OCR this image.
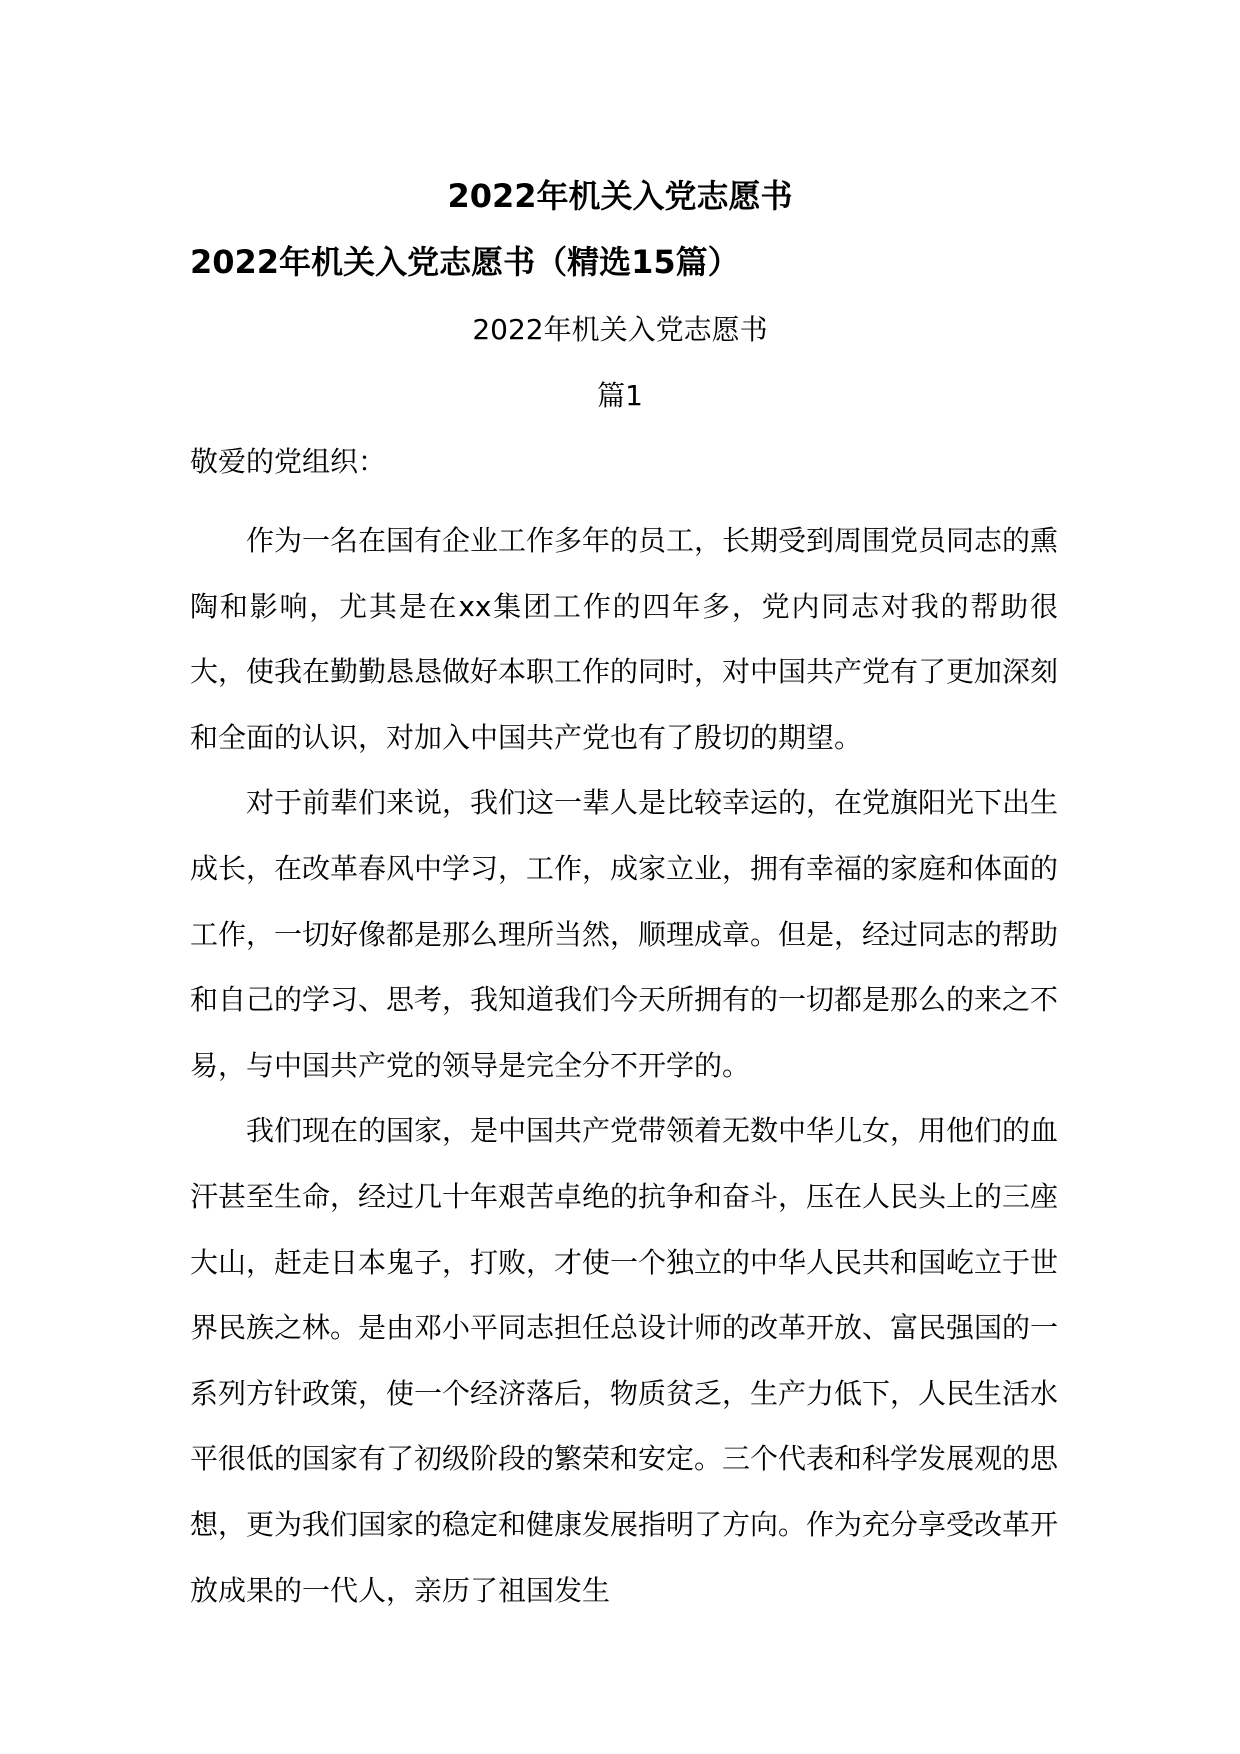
2022年机关入党志愿书
2022年机关入党志愿书（精选15篇）
2022年机关入党志愿书
篇1
敬爱的党组织：

作为一名在国有企业工作多年的员工，长期受到周围党员同志的熏陶和影响，尤其是在xx集团工作的四年多，党内同志对我的帮助很大，使我在勤勤恳恳做好本职工作的同时，对中国共产党有了更加深刻和全面的认识，对加入中国共产党也有了殷切的期望。

对于前辈们来说，我们这一辈人是比较幸运的，在党旗阳光下出生成长，在改革春风中学习，工作，成家立业，拥有幸福的家庭和体面的工作，一切好像都是那么理所当然，顺理成章。但是，经过同志的帮助和自己的学习、思考，我知道我们今天所拥有的一切都是那么的来之不易，与中国共产党的领导是完全分不开学的。

我们现在的国家，是中国共产党带领着无数中华儿女，用他们的血汗甚至生命，经过几十年艰苦卓绝的抗争和奋斗，压在人民头上的三座大山，赶走日本鬼子，打败，才使一个独立的中华人民共和国屹立于世界民族之林。是由邓小平同志担任总设计师的改革开放、富民强国的一系列方针政策，使一个经济落后，物质贫乏，生产力低下，人民生活水平很低的国家有了初级阶段的繁荣和安定。三个代表和科学发展观的思想，更为我们国家的稳定和健康发展指明了方向。作为充分享受改革开放成果的一代人，亲历了祖国发生
